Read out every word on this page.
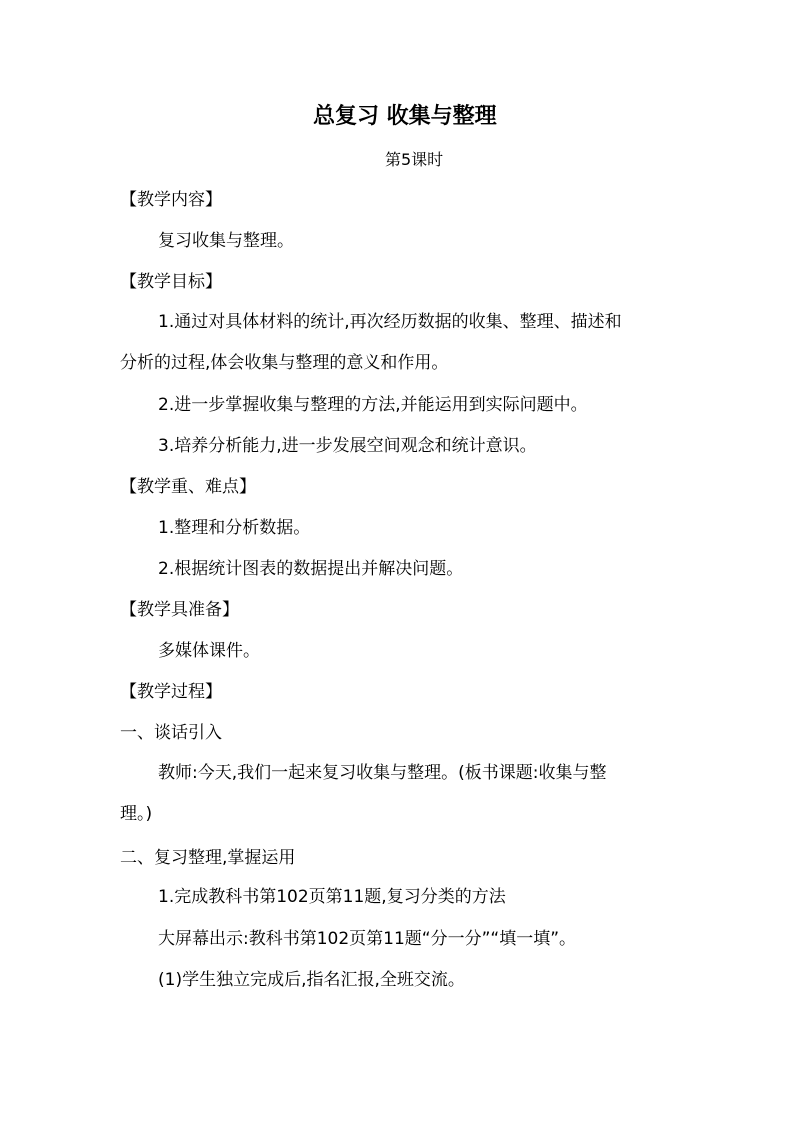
总复习 收集与整理
第5课时
【教学内容】
复习收集与整理。
【教学目标】
1.通过对具体材料的统计,再次经历数据的收集、整理、描述和
分析的过程,体会收集与整理的意义和作用。
2.进一步掌握收集与整理的方法,并能运用到实际问题中。
3.培养分析能力,进一步发展空间观念和统计意识。
【教学重、难点】
1.整理和分析数据。
2.根据统计图表的数据提出并解决问题。
【教学具准备】
多媒体课件。
【教学过程】
一、谈话引入
教师:今天,我们一起来复习收集与整理。(板书课题:收集与整
理。)
二、复习整理,掌握运用
1.完成教科书第102页第11题,复习分类的方法
大屏幕出示:教科书第102页第11题“分一分”“填一填”。
(1)学生独立完成后,指名汇报,全班交流。
